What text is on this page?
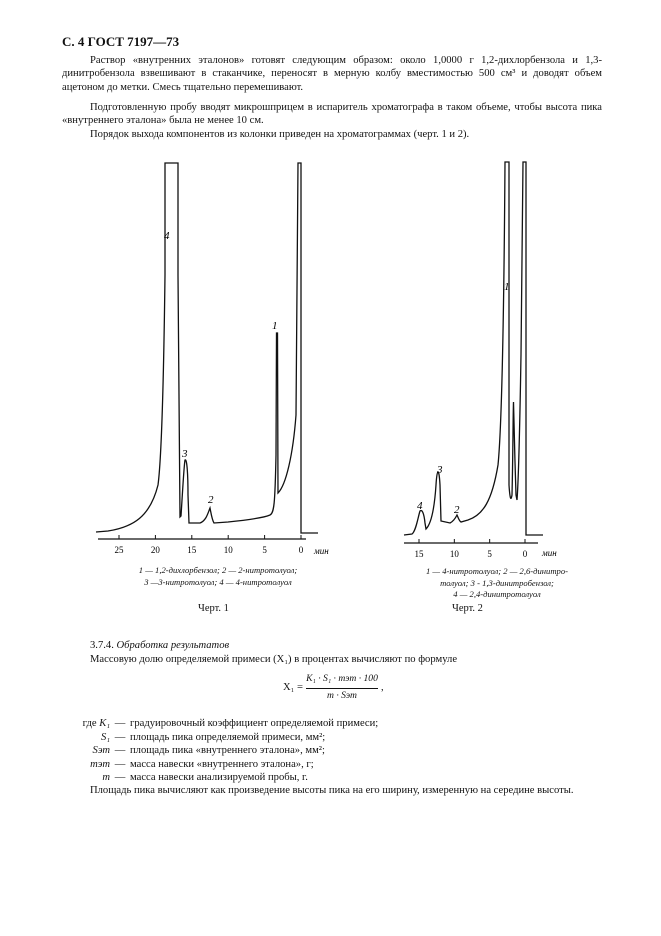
С. 4 ГОСТ 7197—73
Раствор «внутренних эталонов» готовят следующим образом: около 1,0000 г 1,2-дихлорбензола и 1,3-динитробензола взвешивают в стаканчике, переносят в мерную колбу вместимостью 500 см³ и доводят объем ацетоном до метки. Смесь тщательно перемешивают.
Подготовленную пробу вводят микрошприцем в испаритель хроматографа в таком объеме, чтобы высота пика «внутреннего эталона» была не менее 10 см.
Порядок выхода компонентов из колонки приведен на хроматограммах (черт. 1 и 2).
25	20	15	10	5	0 мин
4
3
2
1
1 — 1,2-дихлорбензол; 2 — 2-нитротолуол;
3 —3-нитротолуол; 4 — 4-нитротолуол
Черт. 1
15	10	5	0 мин
4
3
2
1
1 — 4-нитротолуол; 2 — 2,6-динитро-
толуол; 3 - 1,3-динитробензол;
4 — 2,4-динитротолуол
Черт. 2
3.7.4. Обработка результатов
Массовую долю определяемой примеси (X₁) в процентах вычисляют по формуле
X₁ =
K₁ · S₁ · mэт · 100
m · Sэт
,
где K₁ — градуировочный коэффициент определяемой примеси;
S₁ — площадь пика определяемой примеси, мм²;
Sэт — площадь пика «внутреннего эталона», мм²;
mэт — масса навески «внутреннего эталона», г;
m — масса навески анализируемой пробы, г.
Площадь пика вычисляют как произведение высоты пика на его ширину, измеренную на середине высоты.
